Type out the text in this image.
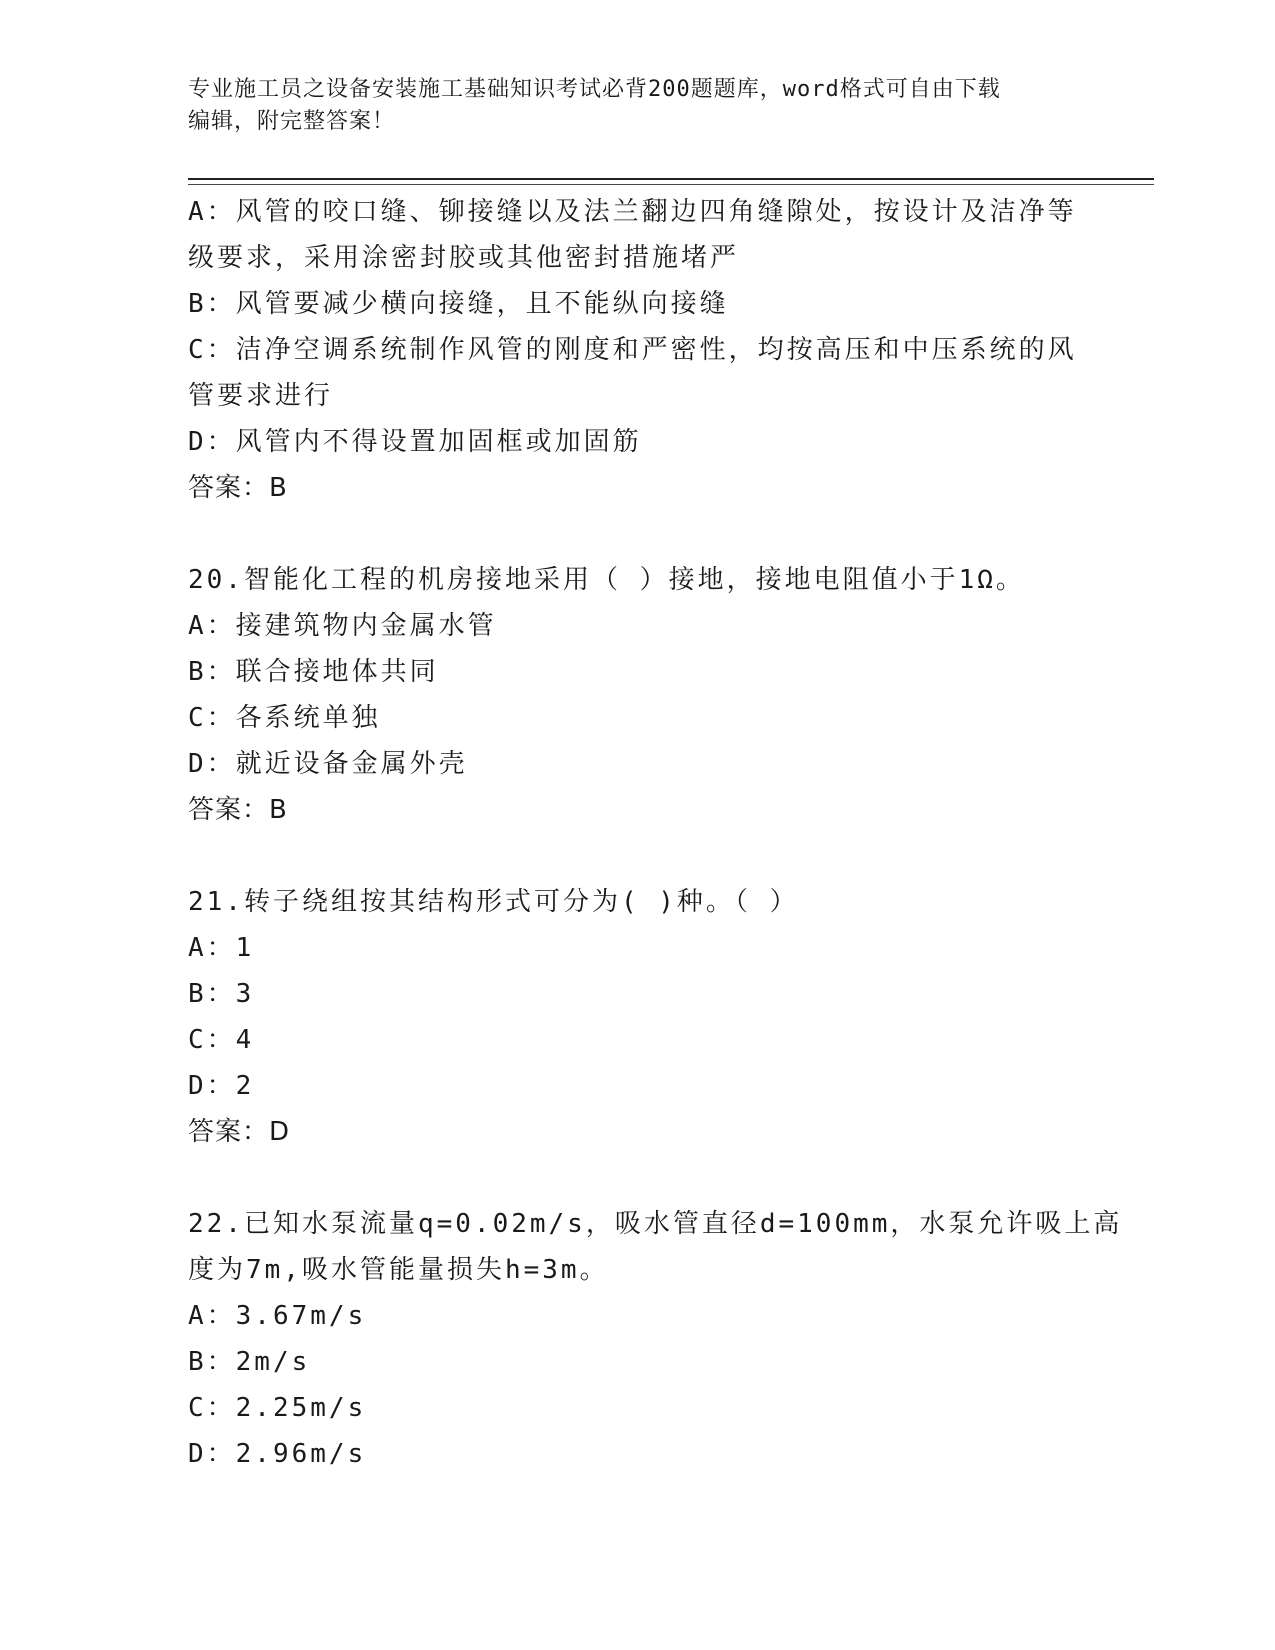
专业施工员之设备安装施工基础知识考试必背200题题库，word格式可自由下载
编辑，附完整答案！
A：风管的咬口缝、铆接缝以及法兰翻边四角缝隙处，按设计及洁净等
级要求，采用涂密封胶或其他密封措施堵严
B：风管要减少横向接缝，且不能纵向接缝
C：洁净空调系统制作风管的刚度和严密性，均按高压和中压系统的风
管要求进行
D：风管内不得设置加固框或加固筋
答案：B
20.智能化工程的机房接地采用（ ）接地，接地电阻值小于1Ω。
A：接建筑物内金属水管
B：联合接地体共同
C：各系统单独
D：就近设备金属外壳
答案：B
21.转子绕组按其结构形式可分为( )种。（ ）
A：1
B：3
C：4
D：2
答案：D
22.已知水泵流量q=0.02m/s，吸水管直径d=100mm，水泵允许吸上高
度为7m,吸水管能量损失h=3m。
A：3.67m/s
B：2m/s
C：2.25m/s
D：2.96m/s
